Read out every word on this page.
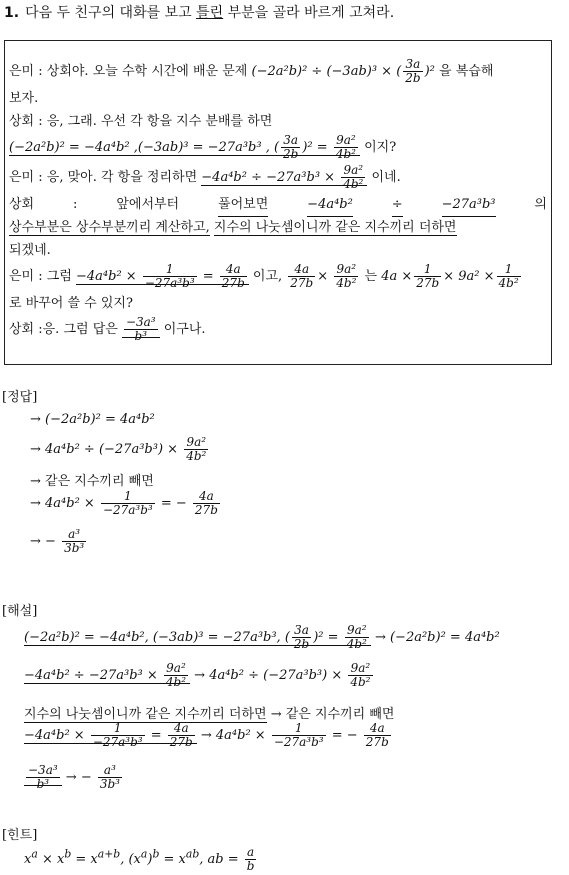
1. 다음 두 친구의 대화를 보고 틀린 부분을 골라 바르게 고쳐라.
은미 : 상회야. 오늘 수학 시간에 배운 문제 (−2a²b)² ÷ (−3ab)³ × ( $\frac{3a}{2b} )^2$ 을 복습해
보자.
상회 : 응, 그래. 우선 각 항을 지수 분배를 하면
(−2a²b)² = −4a⁴b² ,(−3ab)³ = −27a³b³ , ( $\frac{3a}{2b} )^2 = \frac{\text{9a²}}{\text{4b²}}$ 이지?
은미 : 응, 맞아. 각 항을 정리하면 $-4a^4b^2 \div -27a^3b^3 \times \frac{\text{9a²}}{\text{4b²}}$ 이네.
상회	:	앞에서부터	풀어보면	−4a⁴b²	÷	−27a³b³	의
상수부분은 상수부분끼리 계산하고, 지수의 나눗셈이니까 같은 지수끼리 더하면
되겠네.
은미 : 그럼 $-4a^4b^2 \times \frac{1}{\text{−27a³b³}} = \frac{4a}{27b}$ 이고, $\frac{4a}{27b} \times \frac{\text{9a²}}{\text{4b²}}$ 는 $4a \times \frac{1}{27b} \times 9a^2 \times \frac{1}{\text{4b²}}$
로 바꾸어 쓸 수 있지?
상회 :응. 그럼 답은 $\frac{\text{−3a³}}{\text{b³}}$ 이구나.
[정답]
→ (−2a²b)² = 4a⁴b²
→ $4a^4b^2 \div (-27a^3b^3) \times \frac{\text{9a²}}{\text{4b²}}$
→ 같은 지수끼리 빼면
→ $4a^4b^2 \times \frac{1}{\text{−27a³b³}}$ = − $\frac{4a}{27b}$
→ − $\frac{\text{a³}}{\text{3b³}}$
[해설]
(−2a²b)² = −4a⁴b², (−3ab)³ = −27a³b³, ( $\frac{3a}{2b} )^2 = \frac{\text{9a²}}{\text{4b²}} \to (-2a^2b)^2 = 4a^4b^2$
$-4a^4b^2 \div -27a^3b^3 \times \frac{\text{9a²}}{\text{4b²}} \to 4a^4b^2 \div (-27a^3b^3) \times \frac{\text{9a²}}{\text{4b²}}$
지수의 나눗셈이니까 같은 지수끼리 더하면 → 같은 지수끼리 빼면
$-4a^4b^2 \times \frac{1}{\text{−27a³b³}} = \frac{4a}{27b} \to 4a^4b^2 \times \frac{1}{\text{−27a³b³}}$ = − $\frac{4a}{27b}$
$\frac{\text{−3a³}}{\text{b³}}$ → − $\frac{\text{a³}}{\text{3b³}}$
[힌트]
$x^a \times x^b = x^{a+b}$, $(x^a)^b = x^{ab}$, ab = $\frac{a}{b}$
